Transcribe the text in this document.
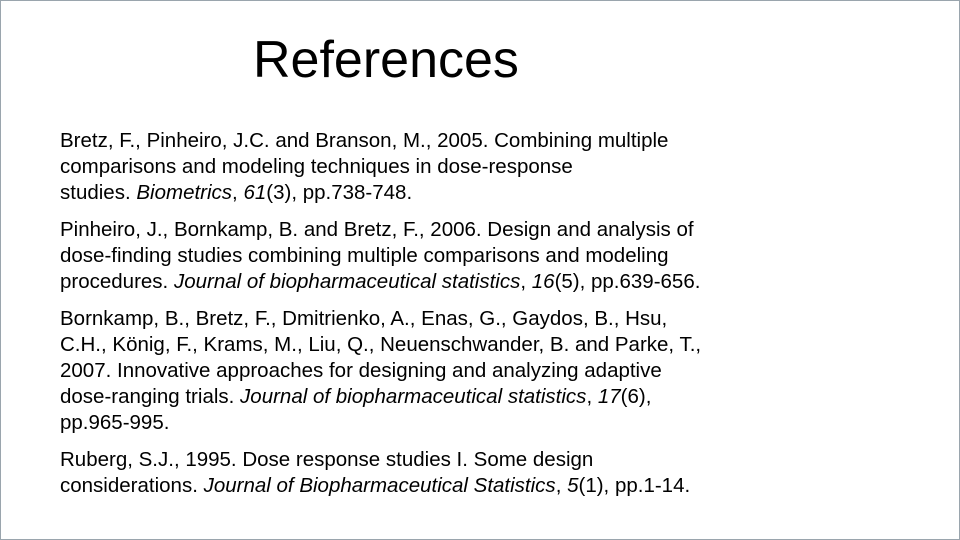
References
Bretz, F., Pinheiro, J.C. and Branson, M., 2005. Combining multiple
comparisons and modeling techniques in dose‐response
studies. Biometrics, 61(3), pp.738-748.
Pinheiro, J., Bornkamp, B. and Bretz, F., 2006. Design and analysis of
dose-finding studies combining multiple comparisons and modeling
procedures. Journal of biopharmaceutical statistics, 16(5), pp.639-656.
Bornkamp, B., Bretz, F., Dmitrienko, A., Enas, G., Gaydos, B., Hsu,
C.H., König, F., Krams, M., Liu, Q., Neuenschwander, B. and Parke, T.,
2007. Innovative approaches for designing and analyzing adaptive
dose-ranging trials. Journal of biopharmaceutical statistics, 17(6),
pp.965-995.
Ruberg, S.J., 1995. Dose response studies I. Some design
considerations. Journal of Biopharmaceutical Statistics, 5(1), pp.1-14.
